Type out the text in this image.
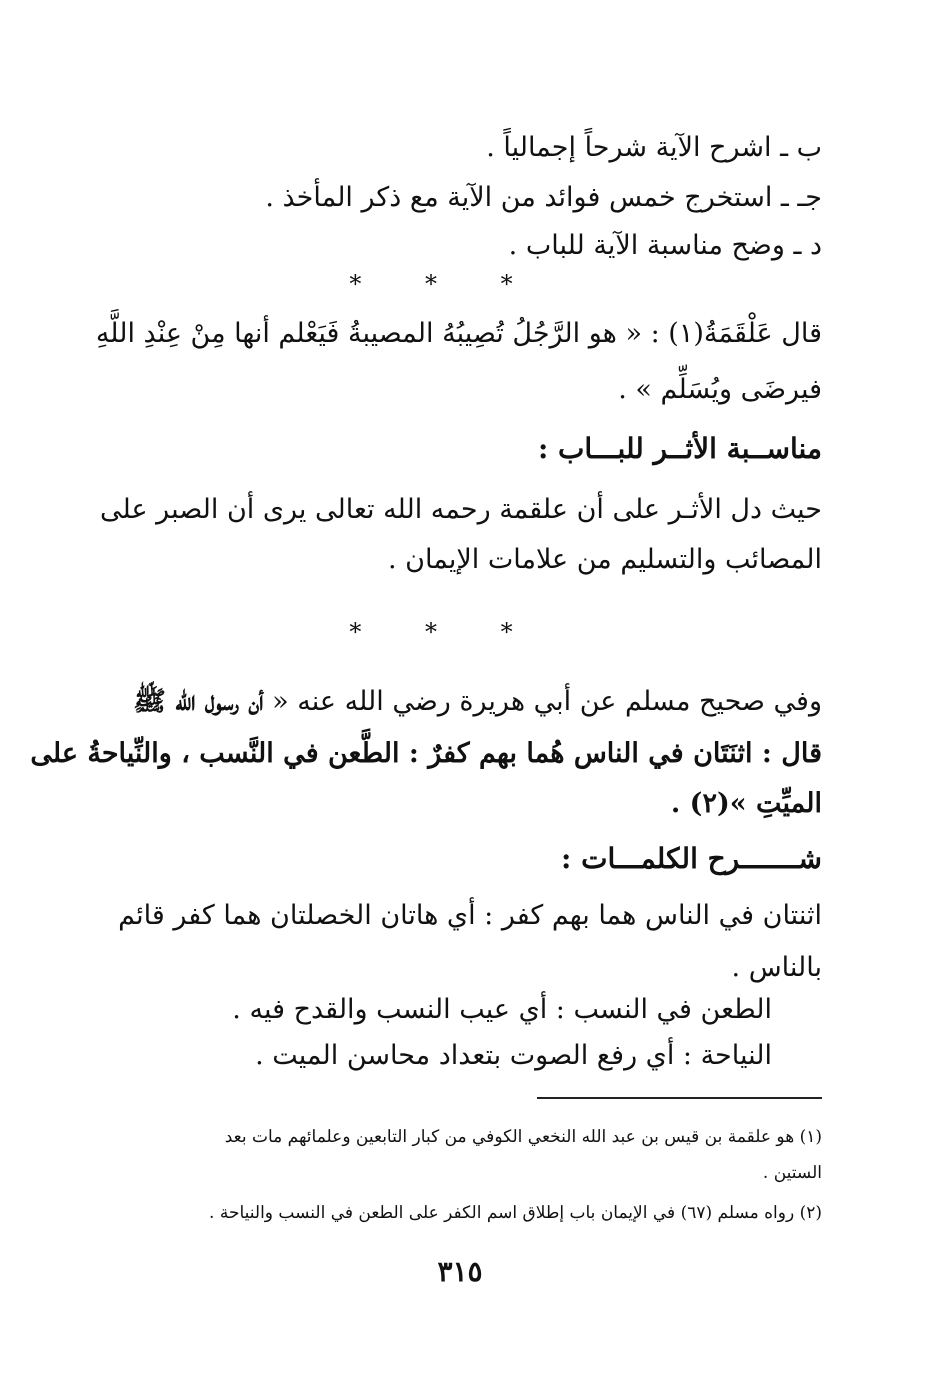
ب ـ اشرح الآية شرحاً إجمالياً .
جـ ـ استخرج خمس فوائد من الآية مع ذكر المأخذ .
د ـ وضح مناسبة الآية للباب .
* * *
قال عَلْقَمَةُ(١) : « هو الرَّجُلُ تُصِيبُهُ المصيبةُ فَيَعْلم أنها مِنْ عِنْدِ اللَّهِ
فيرضَى ويُسَلِّم » .
مناســبة الأثــر للبـــاب :
حيث دل الأثـر على أن علقمة رحمه الله تعالى يرى أن الصبر على
المصائب والتسليم من علامات الإيمان .
* * *
وفي صحيح مسلم عن أبي هريرة رضي الله عنه « أن رسول الله ﷺ
قال : اثنَتَان في الناس هُما بهم كفرٌ : الطَّعن في النَّسب ، والنِّياحةُ على
الميِّتِ »(٢) .
شـــــــرح الكلمـــات :
اثنتان في الناس هما بهم كفر : أي هاتان الخصلتان هما كفر قائم
بالناس .
الطعن في النسب : أي عيب النسب والقدح فيه .
النياحة : أي رفع الصوت بتعداد محاسن الميت .
(١) هو علقمة بن قيس بن عبد الله النخعي الكوفي من كبار التابعين وعلمائهم مات بعد
الستين .
(٢) رواه مسلم (٦٧) في الإيمان باب إطلاق اسم الكفر على الطعن في النسب والنياحة .
٣١٥
